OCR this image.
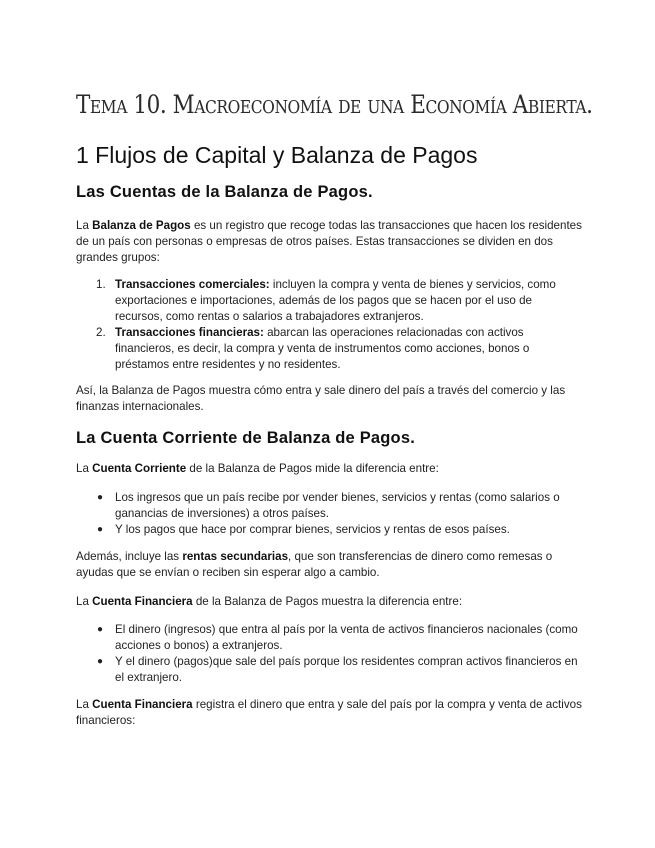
Tema 10. Macroeconomía de una Economía Abierta.
1 Flujos de Capital y Balanza de Pagos
Las Cuentas de la Balanza de Pagos.

La Balanza de Pagos es un registro que recoge todas las transacciones que hacen los residentes de un país con personas o empresas de otros países. Estas transacciones se dividen en dos grandes grupos:

1. Transacciones comerciales: incluyen la compra y venta de bienes y servicios, como exportaciones e importaciones, además de los pagos que se hacen por el uso de recursos, como rentas o salarios a trabajadores extranjeros.
2. Transacciones financieras: abarcan las operaciones relacionadas con activos financieros, es decir, la compra y venta de instrumentos como acciones, bonos o préstamos entre residentes y no residentes.

Así, la Balanza de Pagos muestra cómo entra y sale dinero del país a través del comercio y las finanzas internacionales.

La Cuenta Corriente de Balanza de Pagos.

La Cuenta Corriente de la Balanza de Pagos mide la diferencia entre:

● Los ingresos que un país recibe por vender bienes, servicios y rentas (como salarios o ganancias de inversiones) a otros países.
● Y los pagos que hace por comprar bienes, servicios y rentas de esos países.

Además, incluye las rentas secundarias, que son transferencias de dinero como remesas o ayudas que se envían o reciben sin esperar algo a cambio.

La Cuenta Financiera de la Balanza de Pagos muestra la diferencia entre:

● El dinero (ingresos) que entra al país por la venta de activos financieros nacionales (como acciones o bonos) a extranjeros.
● Y el dinero (pagos)que sale del país porque los residentes compran activos financieros en el extranjero.

La Cuenta Financiera registra el dinero que entra y sale del país por la compra y venta de activos financieros:
